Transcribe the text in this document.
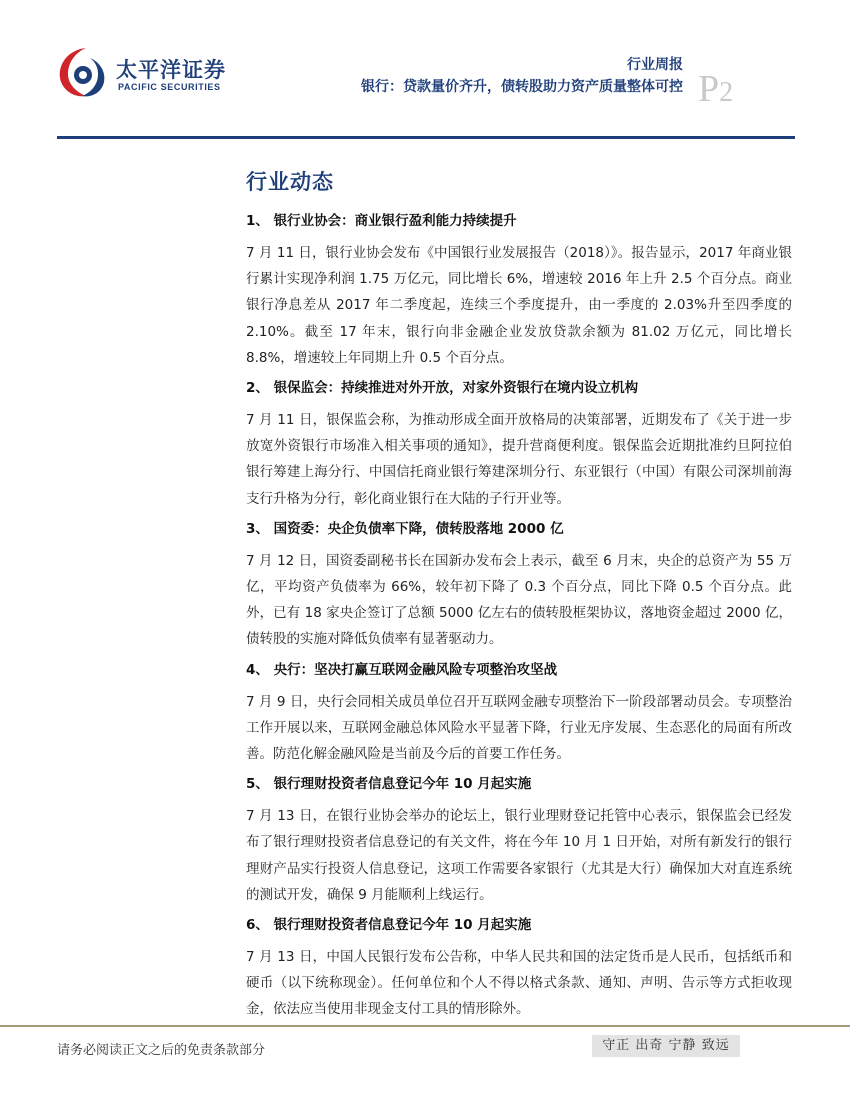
太平洋证券
PACIFIC SECURITIES
行业周报
银行：贷款量价齐升，债转股助力资产质量整体可控 P2
行业动态
1、 银行业协会：商业银行盈利能力持续提升

7 月 11 日，银行业协会发布《中国银行业发展报告（2018）》。报告显示，2017 年商业银行累计实现净利润 1.75 万亿元，同比增长 6%，增速较 2016 年上升 2.5 个百分点。商业银行净息差从 2017 年二季度起，连续三个季度提升，由一季度的 2.03%升至四季度的 2.10%。截至 17 年末，银行向非金融企业发放贷款余额为 81.02 万亿元，同比增长 8.8%，增速较上年同期上升 0.5 个百分点。

2、 银保监会：持续推进对外开放，对家外资银行在境内设立机构

7 月 11 日，银保监会称，为推动形成全面开放格局的决策部署，近期发布了《关于进一步放宽外资银行市场准入相关事项的通知》，提升营商便利度。银保监会近期批准约旦阿拉伯银行筹建上海分行、中国信托商业银行筹建深圳分行、东亚银行（中国）有限公司深圳前海支行升格为分行，彰化商业银行在大陆的子行开业等。

3、 国资委：央企负债率下降，债转股落地 2000 亿

7 月 12 日，国资委副秘书长在国新办发布会上表示，截至 6 月末，央企的总资产为 55 万亿，平均资产负债率为 66%，较年初下降了 0.3 个百分点，同比下降 0.5 个百分点。此外，已有 18 家央企签订了总额 5000 亿左右的债转股框架协议，落地资金超过 2000 亿，债转股的实施对降低负债率有显著驱动力。

4、 央行：坚决打赢互联网金融风险专项整治攻坚战

7 月 9 日，央行会同相关成员单位召开互联网金融专项整治下一阶段部署动员会。专项整治工作开展以来，互联网金融总体风险水平显著下降，行业无序发展、生态恶化的局面有所改善。防范化解金融风险是当前及今后的首要工作任务。

5、 银行理财投资者信息登记今年 10 月起实施

7 月 13 日，在银行业协会举办的论坛上，银行业理财登记托管中心表示，银保监会已经发布了银行理财投资者信息登记的有关文件，将在今年 10 月 1 日开始，对所有新发行的银行理财产品实行投资人信息登记，这项工作需要各家银行（尤其是大行）确保加大对直连系统的测试开发，确保 9 月能顺利上线运行。

6、 银行理财投资者信息登记今年 10 月起实施

7 月 13 日，中国人民银行发布公告称，中华人民共和国的法定货币是人民币，包括纸币和硬币（以下统称现金）。任何单位和个人不得以格式条款、通知、声明、告示等方式拒收现金，依法应当使用非现金支付工具的情形除外。

请务必阅读正文之后的免责条款部分	守正 出奇 宁静 致远
